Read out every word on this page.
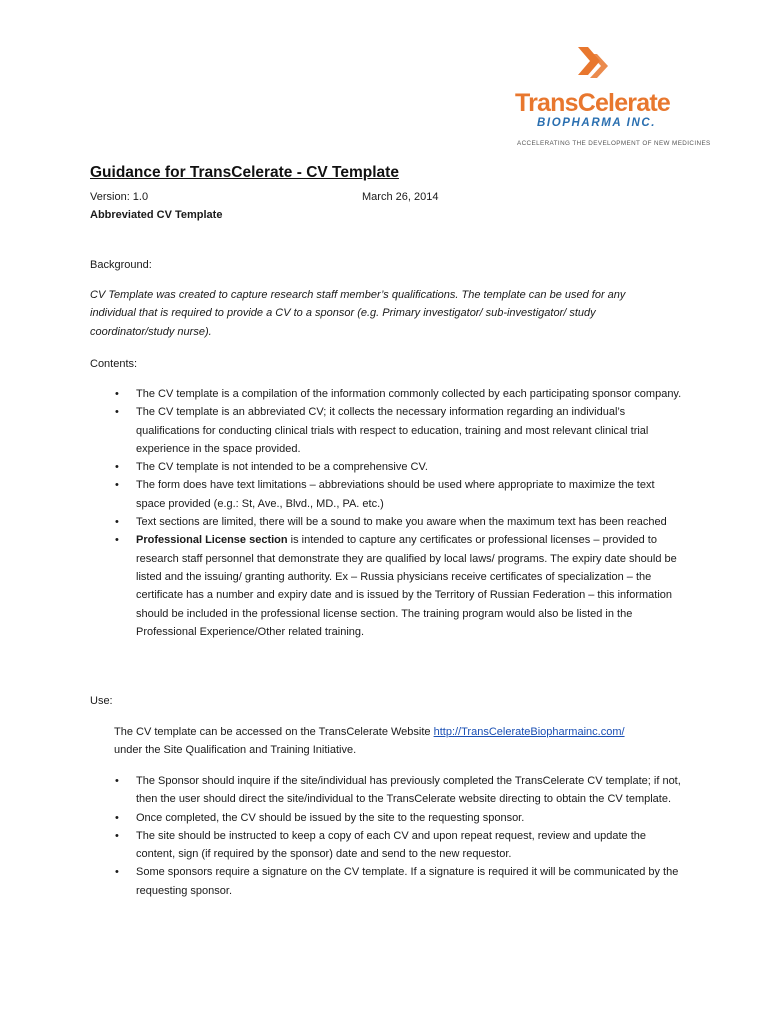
TransCelerate
BIOPHARMA INC.
ACCELERATING THE DEVELOPMENT OF NEW MEDICINES
Guidance for TransCelerate - CV Template
Version: 1.0	March 26, 2014
Abbreviated CV Template
Background:
CV Template was created to capture research staff member’s qualifications. The template can be used for any individual that is required to provide a CV to a sponsor (e.g. Primary investigator/ sub-investigator/ study coordinator/study nurse).
Contents:
• The CV template is a compilation of the information commonly collected by each participating sponsor company.
• The CV template is an abbreviated CV; it collects the necessary information regarding an individual’s qualifications for conducting clinical trials with respect to education, training and most relevant clinical trial experience in the space provided.
• The CV template is not intended to be a comprehensive CV.
• The form does have text limitations – abbreviations should be used where appropriate to maximize the text space provided (e.g.: St, Ave., Blvd., MD., PA. etc.)
• Text sections are limited, there will be a sound to make you aware when the maximum text has been reached
• Professional License section is intended to capture any certificates or professional licenses – provided to research staff personnel that demonstrate they are qualified by local laws/ programs. The expiry date should be listed and the issuing/ granting authority. Ex – Russia physicians receive certificates of specialization – the certificate has a number and expiry date and is issued by the Territory of Russian Federation – this information should be included in the professional license section. The training program would also be listed in the Professional Experience/Other related training.
Use:
The CV template can be accessed on the TransCelerate Website http://TransCelerateBiopharmainc.com/
under the Site Qualification and Training Initiative.
• The Sponsor should inquire if the site/individual has previously completed the TransCelerate CV template; if not, then the user should direct the site/individual to the TransCelerate website directing to obtain the CV template.
• Once completed, the CV should be issued by the site to the requesting sponsor.
• The site should be instructed to keep a copy of each CV and upon repeat request, review and update the content, sign (if required by the sponsor) date and send to the new requestor.
• Some sponsors require a signature on the CV template. If a signature is required it will be communicated by the requesting sponsor.
